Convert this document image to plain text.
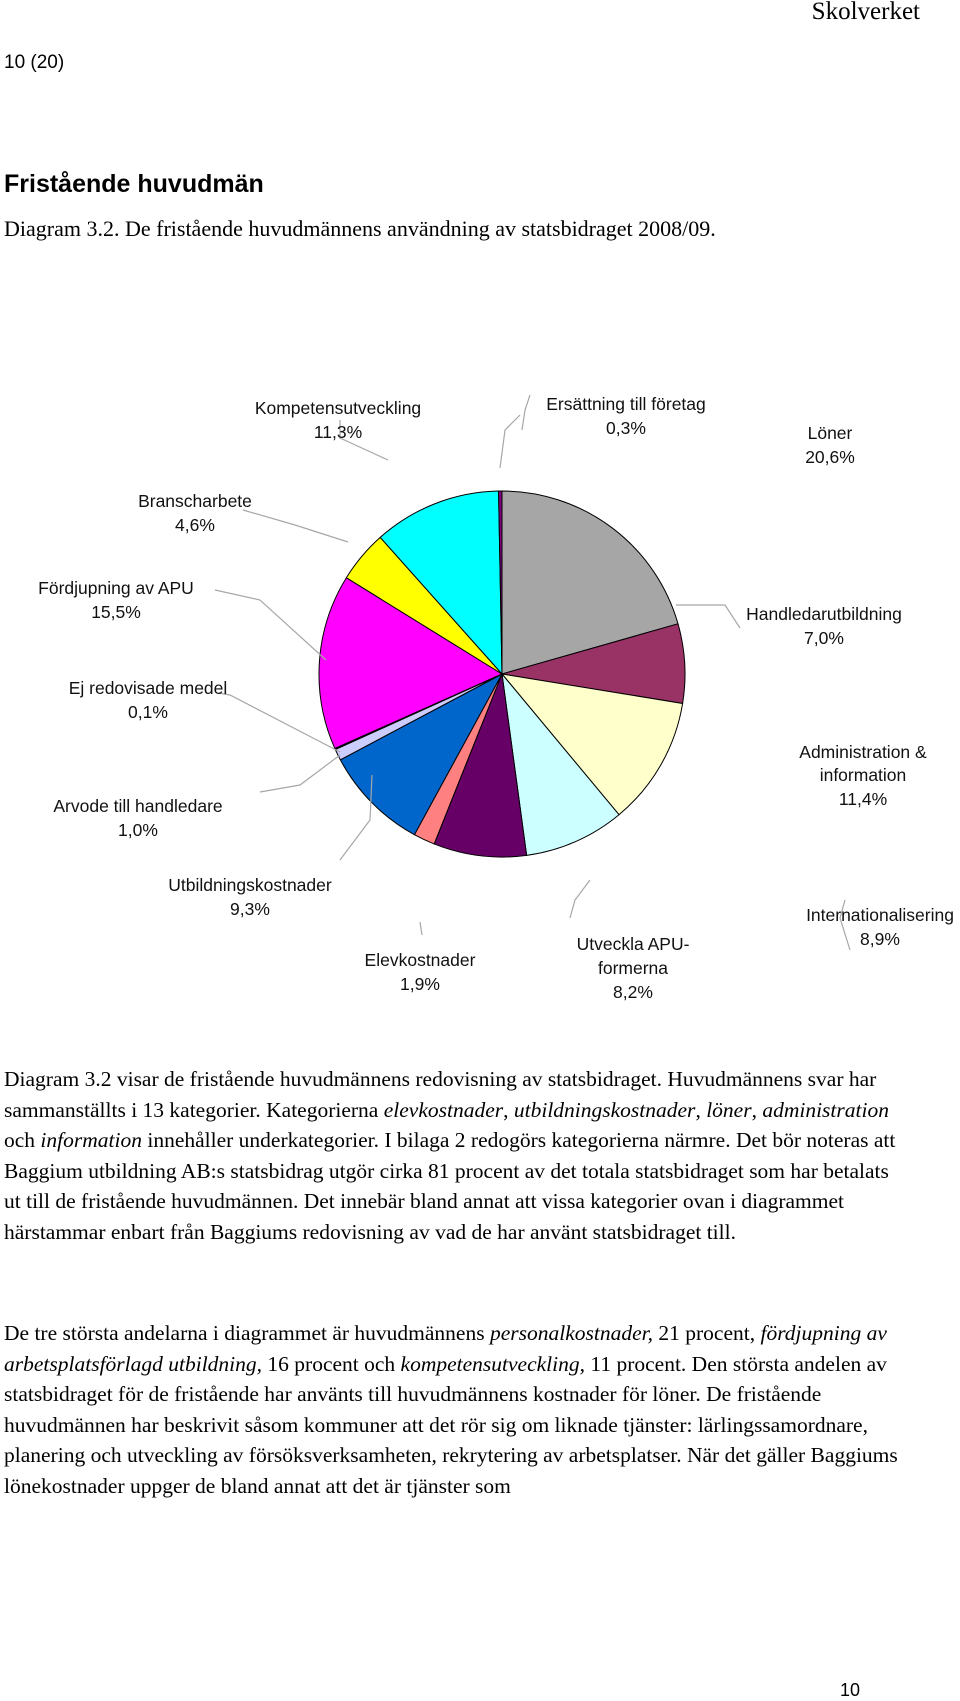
Skolverket
10 (20)
Fristående huvudmän
Diagram 3.2. De fristående huvudmännens användning av statsbidraget 2008/09.
Löner
20,6%
Handledarutbildning
7,0%
Administration &
information
11,4%
Internationalisering
8,9%
Utveckla APU-
formerna
8,2%
Elevkostnader
1,9%
Utbildningskostnader
9,3%
Arvode till handledare
1,0%
Ej redovisade medel
0,1%
Fördjupning av APU
15,5%
Branscharbete
4,6%
Kompetensutveckling
11,3%
Ersättning till företag
0,3%

Diagram 3.2 visar de fristående huvudmännens redovisning av statsbidraget. Huvudmännens svar har sammanställts i 13 kategorier. Kategorierna elevkostnader, utbildningskostnader, löner, administration och information innehåller underkategorier. I bilaga 2 redogörs kategorierna närmre. Det bör noteras att Baggium utbildning AB:s statsbidrag utgör cirka 81 procent av det totala statsbidraget som har betalats ut till de fristående huvudmännen. Det innebär bland annat att vissa kategorier ovan i diagrammet härstammar enbart från Baggiums redovisning av vad de har använt statsbidraget till.

De tre största andelarna i diagrammet är huvudmännens personalkostnader, 21 procent, fördjupning av arbetsplatsförlagd utbildning, 16 procent och kompetensutveckling, 11 procent. Den största andelen av statsbidraget för de fristående har använts till huvudmännens kostnader för löner. De fristående huvudmännen har beskrivit såsom kommuner att det rör sig om liknade tjänster: lärlingssamordnare, planering och utveckling av försöksverksamheten, rekrytering av arbetsplatser. När det gäller Baggiums lönekostnader uppger de bland annat att det är tjänster som

10
